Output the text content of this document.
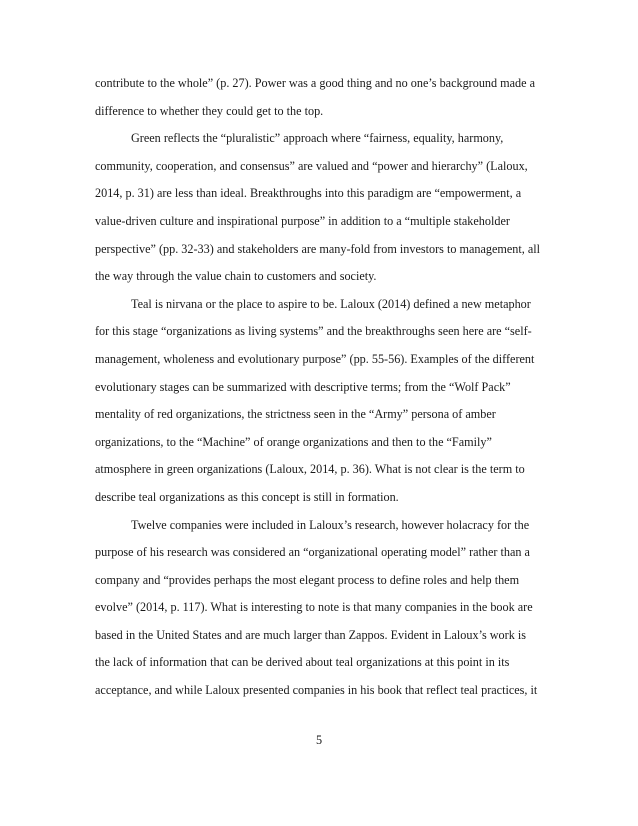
contribute to the whole” (p. 27). Power was a good thing and no one’s background made a
difference to whether they could get to the top.
Green reflects the “pluralistic” approach where “fairness, equality, harmony,
community, cooperation, and consensus” are valued and “power and hierarchy” (Laloux,
2014, p. 31) are less than ideal. Breakthroughs into this paradigm are “empowerment, a
value-driven culture and inspirational purpose” in addition to a “multiple stakeholder
perspective” (pp. 32-33) and stakeholders are many-fold from investors to management, all
the way through the value chain to customers and society.
Teal is nirvana or the place to aspire to be. Laloux (2014) defined a new metaphor
for this stage “organizations as living systems” and the breakthroughs seen here are “self-
management, wholeness and evolutionary purpose” (pp. 55-56). Examples of the different
evolutionary stages can be summarized with descriptive terms; from the “Wolf Pack”
mentality of red organizations, the strictness seen in the “Army” persona of amber
organizations, to the “Machine” of orange organizations and then to the “Family”
atmosphere in green organizations (Laloux, 2014, p. 36). What is not clear is the term to
describe teal organizations as this concept is still in formation.
Twelve companies were included in Laloux’s research, however holacracy for the
purpose of his research was considered an “organizational operating model” rather than a
company and “provides perhaps the most elegant process to define roles and help them
evolve” (2014, p. 117). What is interesting to note is that many companies in the book are
based in the United States and are much larger than Zappos. Evident in Laloux’s work is
the lack of information that can be derived about teal organizations at this point in its
acceptance, and while Laloux presented companies in his book that reflect teal practices, it
5
